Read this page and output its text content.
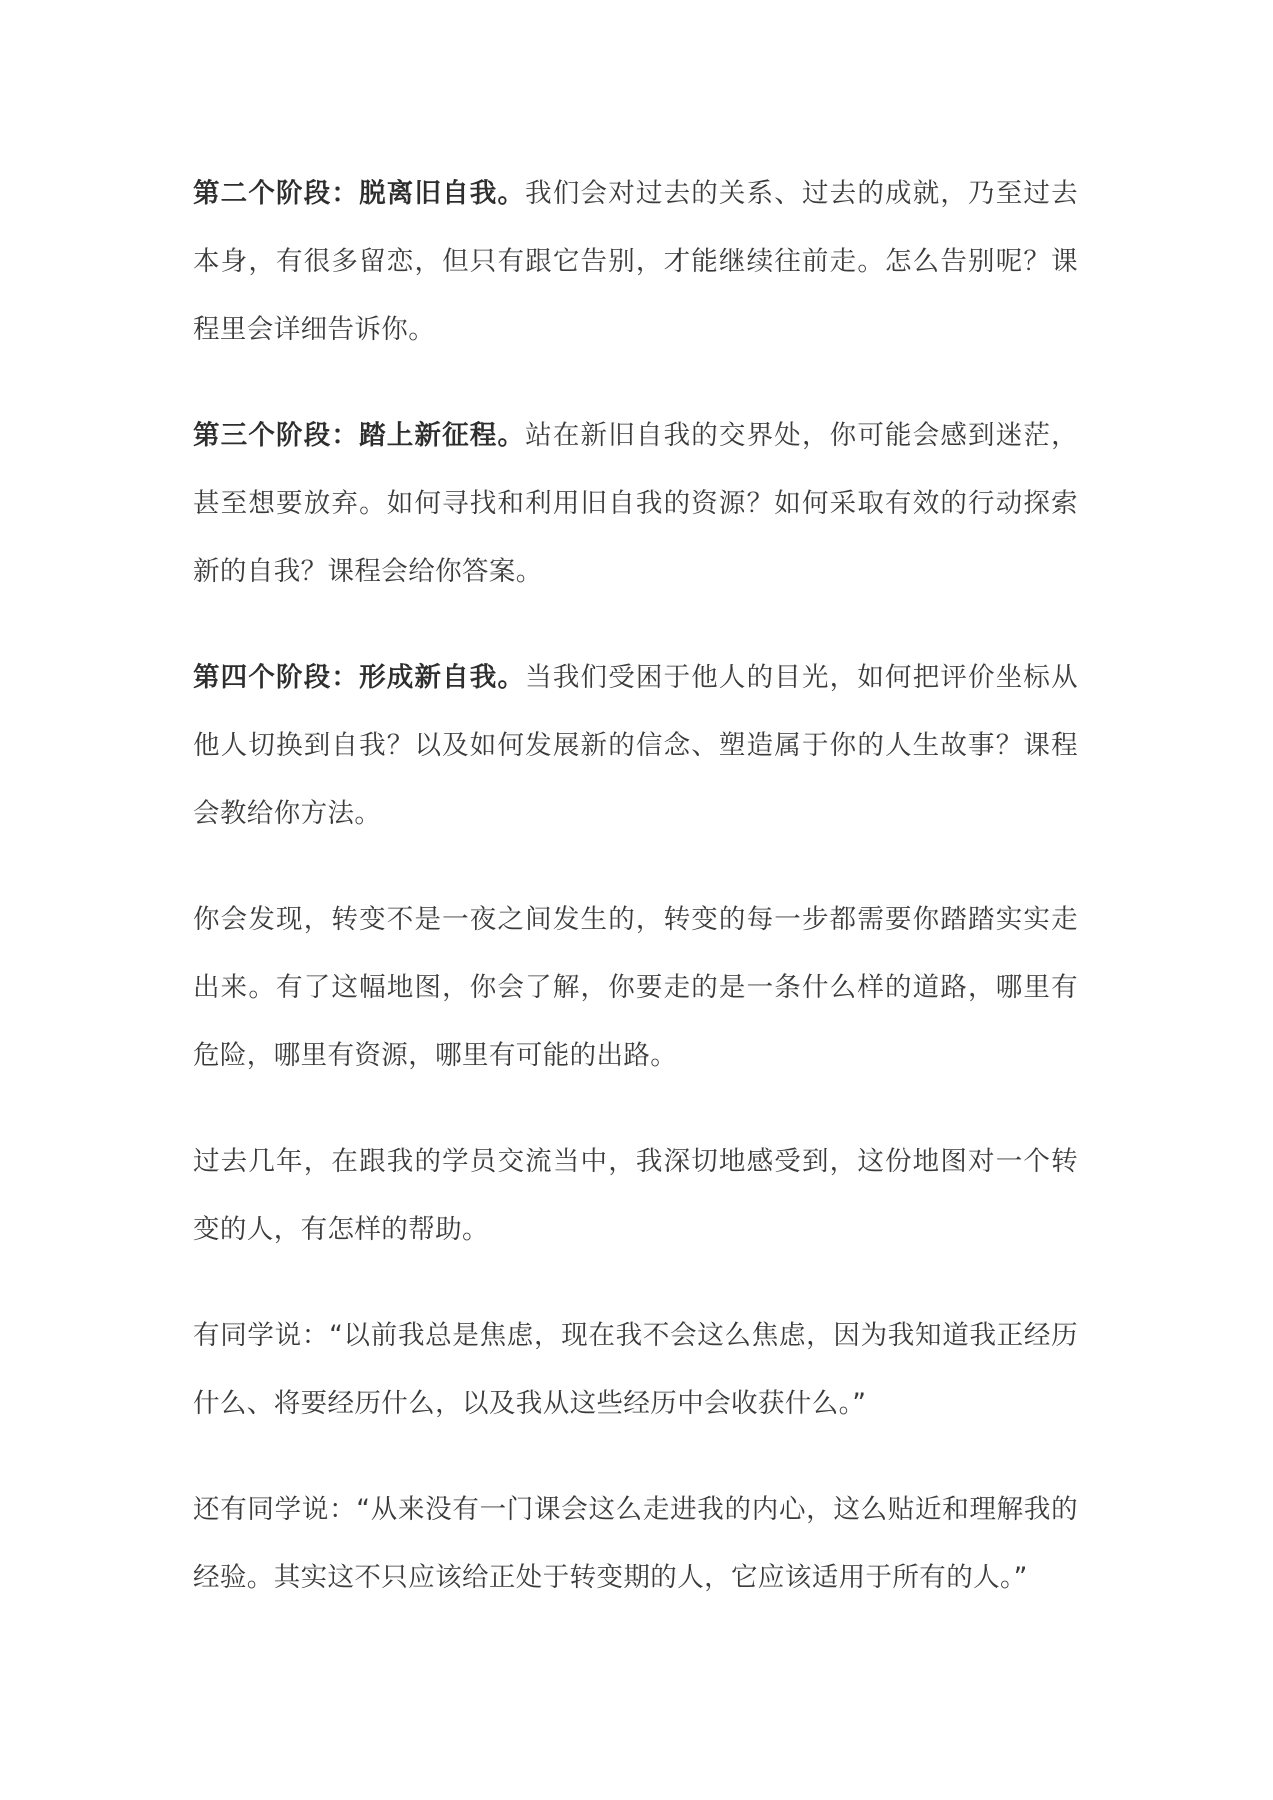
第二个阶段：脱离旧自我。我们会对过去的关系、过去的成就，乃至过去本身，有很多留恋，但只有跟它告别，才能继续往前走。怎么告别呢？课程里会详细告诉你。

第三个阶段：踏上新征程。站在新旧自我的交界处，你可能会感到迷茫，甚至想要放弃。如何寻找和利用旧自我的资源？如何采取有效的行动探索新的自我？课程会给你答案。

第四个阶段：形成新自我。当我们受困于他人的目光，如何把评价坐标从他人切换到自我？以及如何发展新的信念、塑造属于你的人生故事？课程会教给你方法。

你会发现，转变不是一夜之间发生的，转变的每一步都需要你踏踏实实走出来。有了这幅地图，你会了解，你要走的是一条什么样的道路，哪里有危险，哪里有资源，哪里有可能的出路。

过去几年，在跟我的学员交流当中，我深切地感受到，这份地图对一个转变的人，有怎样的帮助。

有同学说：“以前我总是焦虑，现在我不会这么焦虑，因为我知道我正经历什么、将要经历什么，以及我从这些经历中会收获什么。”

还有同学说：“从来没有一门课会这么走进我的内心，这么贴近和理解我的经验。其实这不只应该给正处于转变期的人，它应该适用于所有的人。”
